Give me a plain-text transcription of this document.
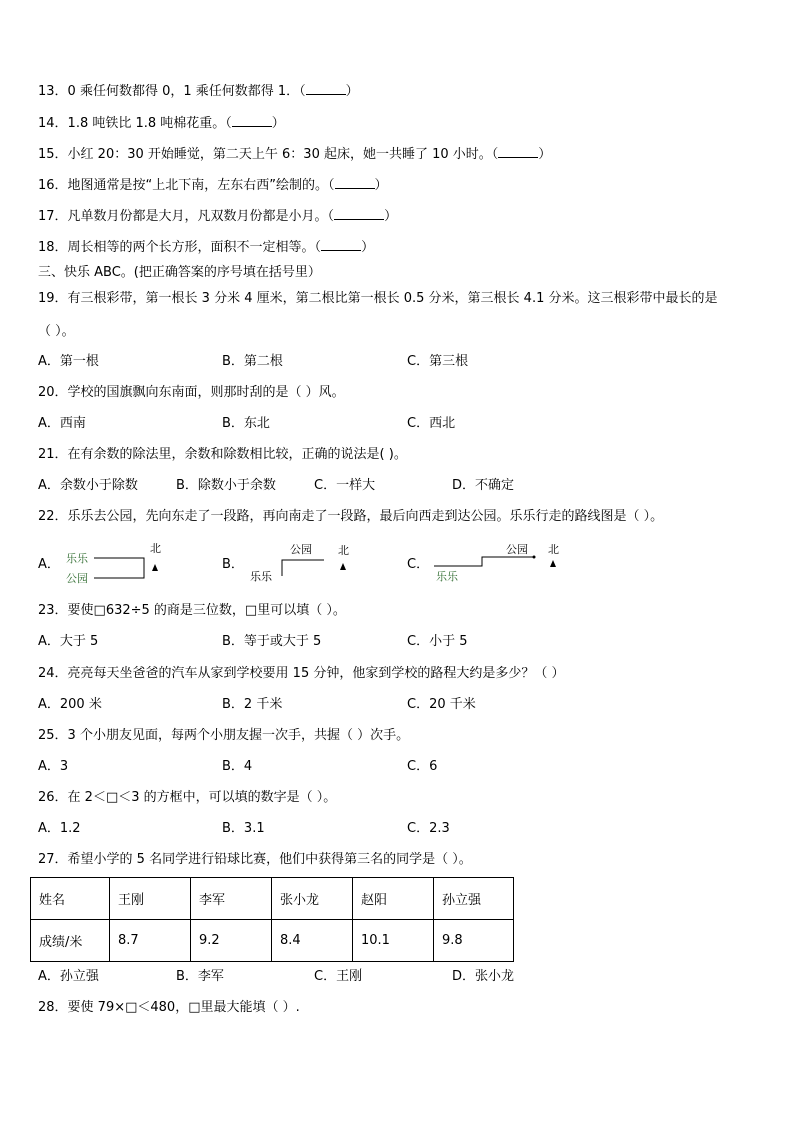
13．0 乘任何数都得 0，1 乘任何数都得 1．（	）
14．1.8 吨铁比 1.8 吨棉花重。（	）
15．小红 20：30 开始睡觉，第二天上午 6：30 起床，她一共睡了 10 小时。（	）
16．地图通常是按“上北下南，左东右西”绘制的。（	）
17．凡单数月份都是大月，凡双数月份都是小月。（	）
18．周长相等的两个长方形，面积不一定相等。（	）
三、快乐 ABC。(把正确答案的序号填在括号里）
19．有三根彩带，第一根长 3 分米 4 厘米，第二根比第一根长 0.5 分米，第三根长 4.1 分米。这三根彩带中最长的是
（ ）。
A．第一根	B．第二根	C．第三根
20．学校的国旗飘向东南面，则那时刮的是（ ）风。
A．西南	B．东北	C．西北
21．在有余数的除法里，余数和除数相比较，正确的说法是( )。
A．余数小于除数	B．除数小于余数	C．一样大	D．不确定
22．乐乐去公园，先向东走了一段路，再向南走了一段路，最后向西走到达公园。乐乐行走的路线图是（ ）。
A． 乐乐
公园
北
B．
公园
乐乐
北
C．
公园
乐乐
北
23．要使□632÷5 的商是三位数，□里可以填（ ）。
A．大于 5	B．等于或大于 5	C．小于 5
24．亮亮每天坐爸爸的汽车从家到学校要用 15 分钟，他家到学校的路程大约是多少？（ ）
A．200 米	B．2 千米	C．20 千米
25．3 个小朋友见面，每两个小朋友握一次手，共握（ ）次手。
A．3	B．4	C．6
26．在 2＜□＜3 的方框中，可以填的数字是（ ）。
A．1.2	B．3.1	C．2.3
27．希望小学的 5 名同学进行铅球比赛，他们中获得第三名的同学是（ ）。
姓名	王刚	李军	张小龙	赵阳	孙立强
成绩/米	8.7	9.2	8.4	10.1	9.8
A．孙立强	B．李军	C．王刚	D．张小龙
28．要使 79×□＜480，□里最大能填（ ）.
